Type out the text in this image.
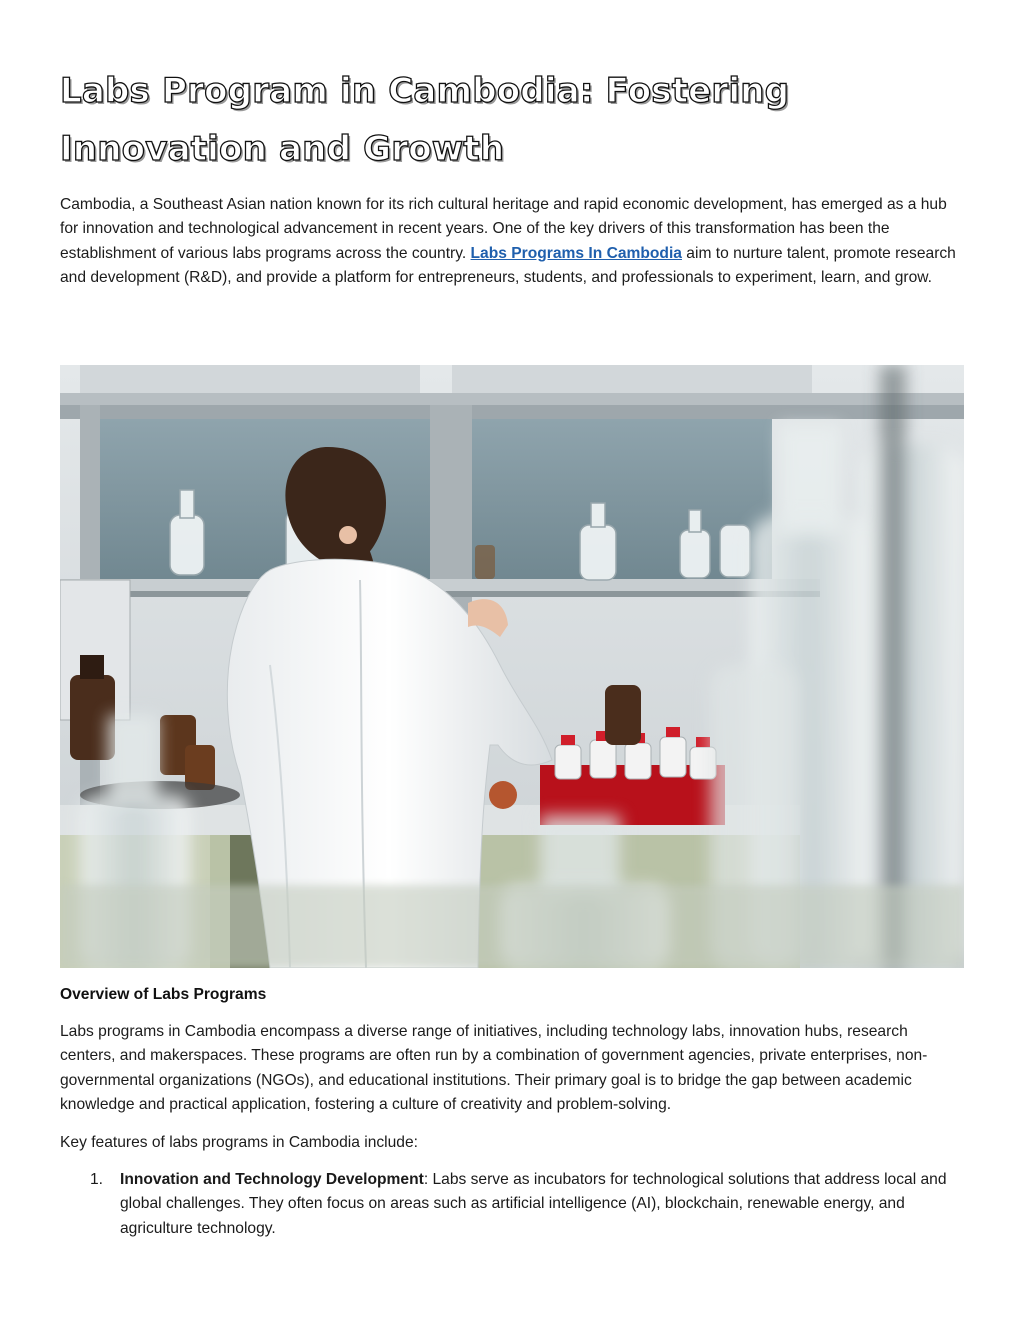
Labs Program in Cambodia: Fostering Innovation and Growth

Cambodia, a Southeast Asian nation known for its rich cultural heritage and rapid economic development, has emerged as a hub for innovation and technological advancement in recent years. One of the key drivers of this transformation has been the establishment of various labs programs across the country. Labs Programs In Cambodia aim to nurture talent, promote research and development (R&D), and provide a platform for entrepreneurs, students, and professionals to experiment, learn, and grow.

Overview of Labs Programs

Labs programs in Cambodia encompass a diverse range of initiatives, including technology labs, innovation hubs, research centers, and makerspaces. These programs are often run by a combination of government agencies, private enterprises, non-governmental organizations (NGOs), and educational institutions. Their primary goal is to bridge the gap between academic knowledge and practical application, fostering a culture of creativity and problem-solving.

Key features of labs programs in Cambodia include:

1. Innovation and Technology Development: Labs serve as incubators for technological solutions that address local and global challenges. They often focus on areas such as artificial intelligence (AI), blockchain, renewable energy, and agriculture technology.
